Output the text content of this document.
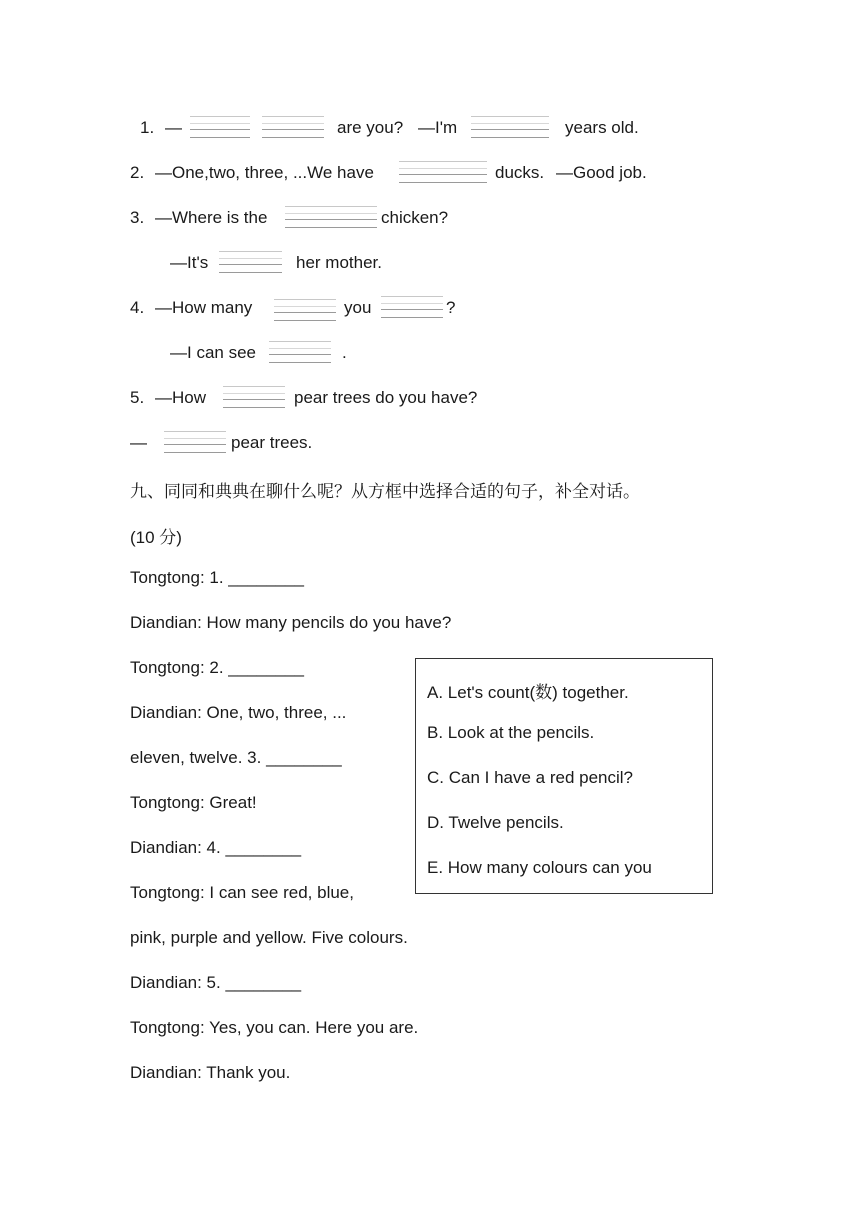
1. —	are you? —I'm	years old.
2. —One,two, three, ...We have	ducks. —Good job.
3. —Where is the	chicken?
—It's	her mother.
4. —How many	you	?
—I can see	.
5. —How	pear trees do you have?
—	pear trees.
九、同同和典典在聊什么呢？从方框中选择合适的句子，补全对话。
(10 分)
Tongtong: 1. ________
Diandian: How many pencils do you have?
Tongtong: 2. ________
Diandian: One, two, three, ...
eleven, twelve. 3. ________
Tongtong: Great!
Diandian: 4. ________
Tongtong: I can see red, blue,
pink, purple and yellow. Five colours.
Diandian: 5. ________
Tongtong: Yes, you can. Here you are.
Diandian: Thank you.
A. Let's count(数) together.
B. Look at the pencils.
C. Can I have a red pencil?
D. Twelve pencils.
E. How many colours can you
